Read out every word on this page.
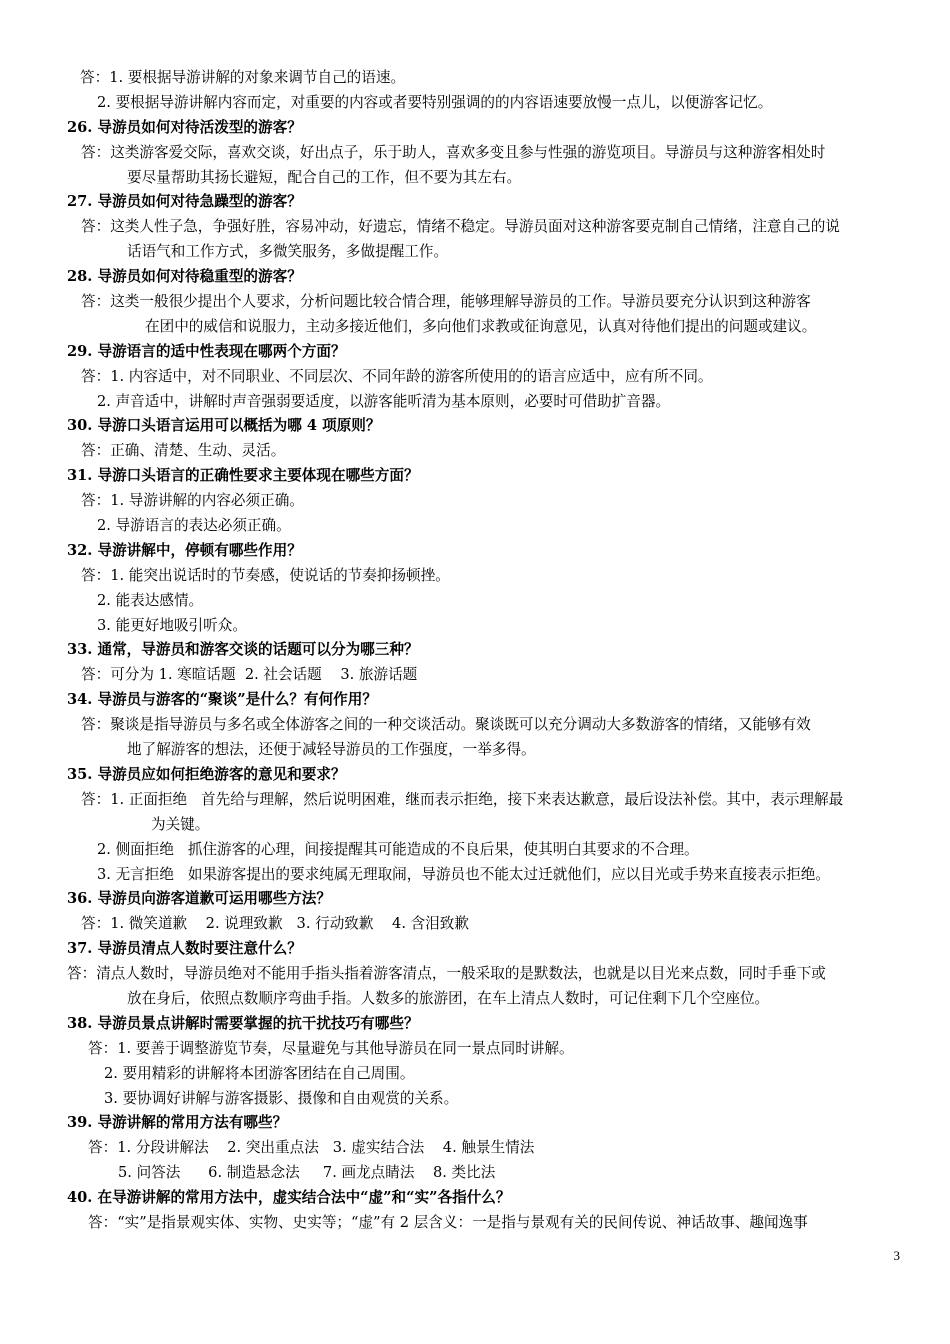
答：1. 要根据导游讲解的对象来调节自己的语速。
2. 要根据导游讲解内容而定，对重要的内容或者要特别强调的的内容语速要放慢一点儿，以便游客记忆。
26. 导游员如何对待活泼型的游客？
答：这类游客爱交际，喜欢交谈，好出点子，乐于助人，喜欢多变且参与性强的游览项目。导游员与这种游客相处时
要尽量帮助其扬长避短，配合自己的工作，但不要为其左右。
27. 导游员如何对待急躁型的游客？
答：这类人性子急，争强好胜，容易冲动，好遗忘，情绪不稳定。导游员面对这种游客要克制自己情绪，注意自己的说
话语气和工作方式，多微笑服务，多做提醒工作。
28. 导游员如何对待稳重型的游客？
答：这类一般很少提出个人要求，分析问题比较合情合理，能够理解导游员的工作。导游员要充分认识到这种游客
在团中的威信和说服力，主动多接近他们，多向他们求教或征询意见，认真对待他们提出的问题或建议。
29. 导游语言的适中性表现在哪两个方面？
答：1. 内容适中，对不同职业、不同层次、不同年龄的游客所使用的的语言应适中，应有所不同。
2. 声音适中，讲解时声音强弱要适度，以游客能听清为基本原则，必要时可借助扩音器。
30. 导游口头语言运用可以概括为哪 4 项原则？
答：正确、清楚、生动、灵活。
31. 导游口头语言的正确性要求主要体现在哪些方面？
答：1. 导游讲解的内容必须正确。
2. 导游语言的表达必须正确。
32. 导游讲解中，停顿有哪些作用？
答：1. 能突出说话时的节奏感，使说话的节奏抑扬顿挫。
2. 能表达感情。
3. 能更好地吸引听众。
33. 通常，导游员和游客交谈的话题可以分为哪三种？
答：可分为 1. 寒暄话题  2. 社会话题    3. 旅游话题
34. 导游员与游客的“聚谈”是什么？有何作用？
答：聚谈是指导游员与多名或全体游客之间的一种交谈活动。聚谈既可以充分调动大多数游客的情绪，又能够有效
地了解游客的想法，还便于减轻导游员的工作强度，一举多得。
35. 导游员应如何拒绝游客的意见和要求？
答：1. 正面拒绝   首先给与理解，然后说明困难，继而表示拒绝，接下来表达歉意，最后设法补偿。其中，表示理解最
为关键。
2. 侧面拒绝   抓住游客的心理，间接提醒其可能造成的不良后果，使其明白其要求的不合理。
3. 无言拒绝   如果游客提出的要求纯属无理取闹，导游员也不能太过迁就他们，应以目光或手势来直接表示拒绝。
36. 导游员向游客道歉可运用哪些方法？
答：1. 微笑道歉    2. 说理致歉   3. 行动致歉    4. 含泪致歉
37. 导游员清点人数时要注意什么？
答：清点人数时，导游员绝对不能用手指头指着游客清点，一般采取的是默数法，也就是以目光来点数，同时手垂下或
放在身后，依照点数顺序弯曲手指。人数多的旅游团，在车上清点人数时，可记住剩下几个空座位。
38. 导游员景点讲解时需要掌握的抗干扰技巧有哪些？
答：1. 要善于调整游览节奏，尽量避免与其他导游员在同一景点同时讲解。
2. 要用精彩的讲解将本团游客团结在自己周围。
3. 要协调好讲解与游客摄影、摄像和自由观赏的关系。
39. 导游讲解的常用方法有哪些？
答：1. 分段讲解法    2. 突出重点法   3. 虚实结合法    4. 触景生情法
5. 问答法      6. 制造悬念法     7. 画龙点睛法    8. 类比法
40. 在导游讲解的常用方法中，虚实结合法中“虚”和“实”各指什么？
答：“实”是指景观实体、实物、史实等；“虚”有 2 层含义：一是指与景观有关的民间传说、神话故事、趣闻逸事
3
